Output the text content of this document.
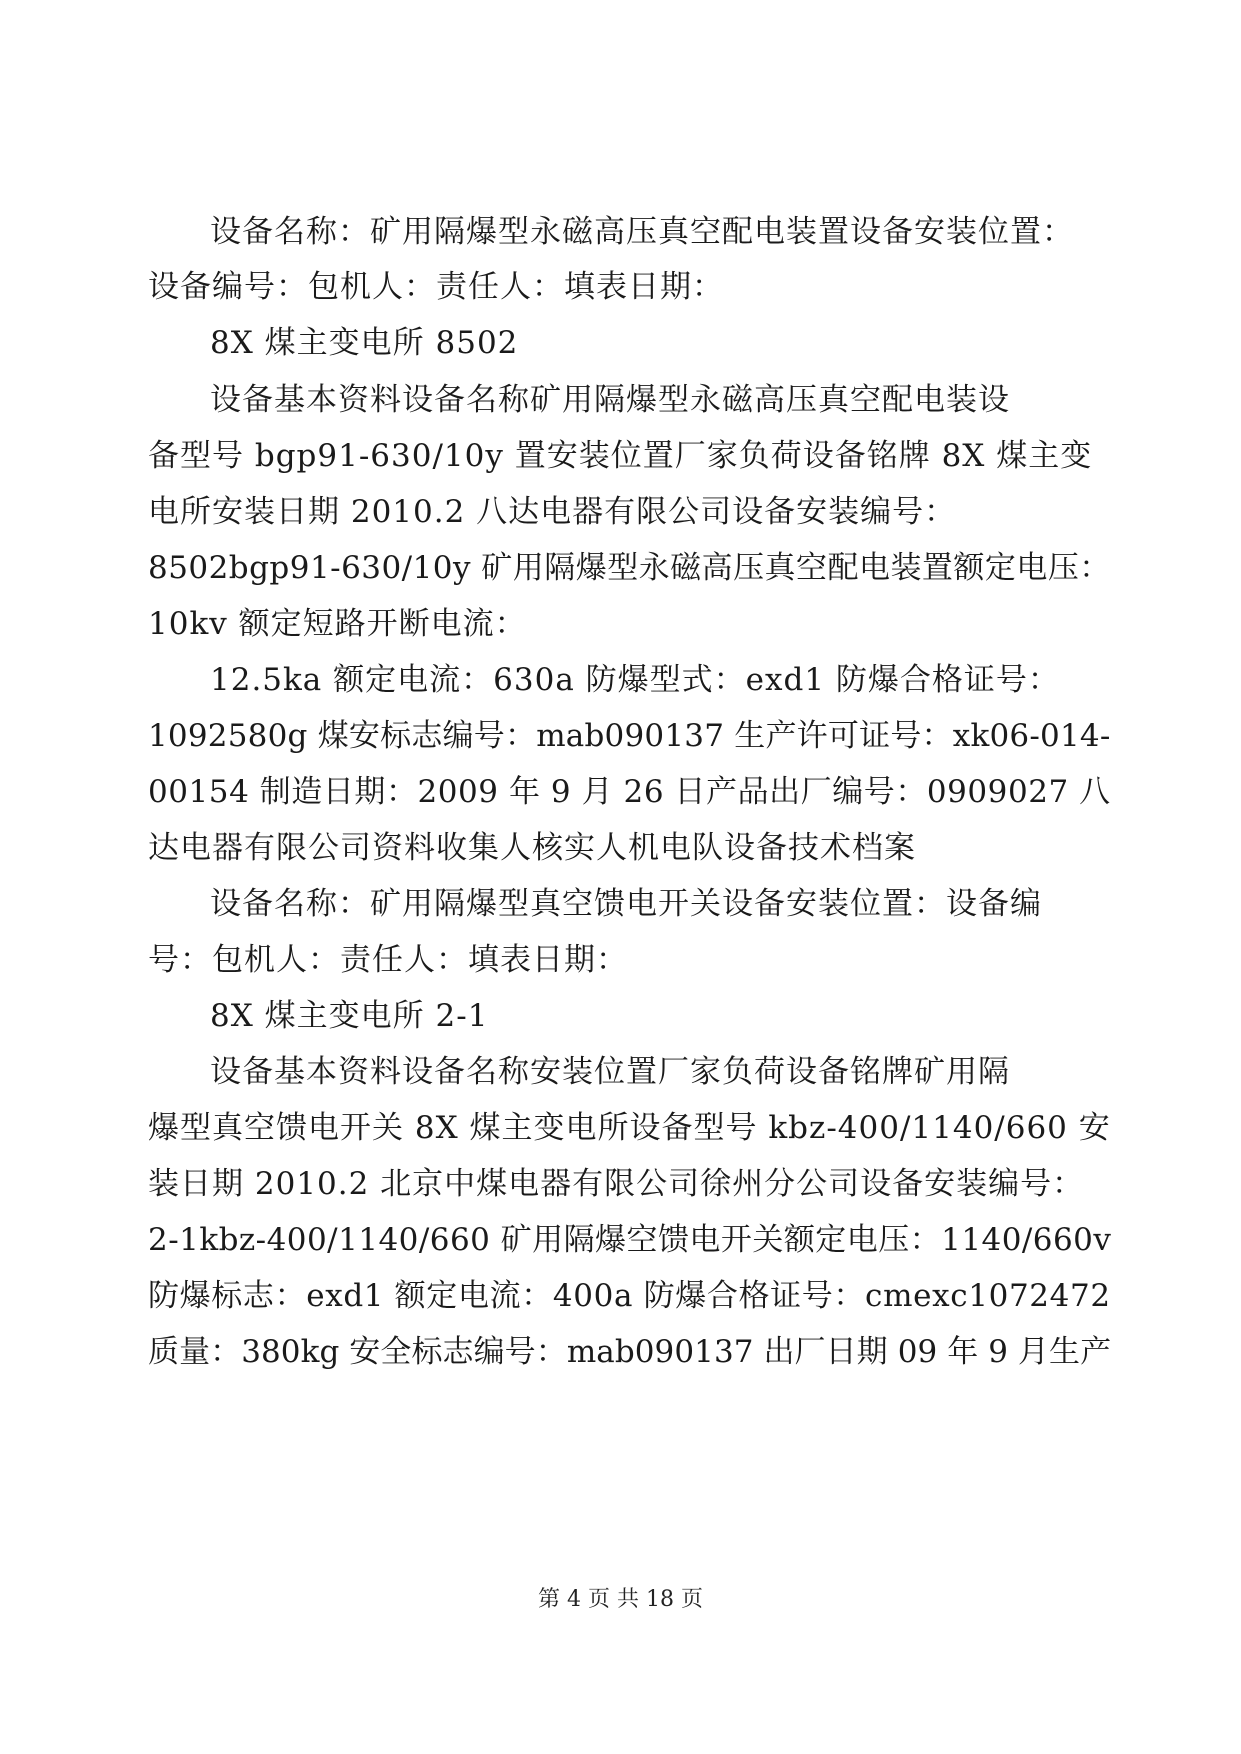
设备名称：矿用隔爆型永磁高压真空配电装置设备安装位置：
设备编号：包机人：责任人：填表日期：
8X 煤主变电所 8502
设备基本资料设备名称矿用隔爆型永磁高压真空配电装设
备型号 bgp91-630/10y 置安装位置厂家负荷设备铭牌 8X 煤主变
电所安装日期 2010.2 八达电器有限公司设备安装编号：
8502bgp91-630/10y 矿用隔爆型永磁高压真空配电装置额定电压：
10kv 额定短路开断电流：
12.5ka 额定电流：630a 防爆型式：exd1 防爆合格证号：
1092580g 煤安标志编号：mab090137 生产许可证号：xk06-014-
00154 制造日期：2009 年 9 月 26 日产品出厂编号：0909027 八
达电器有限公司资料收集人核实人机电队设备技术档案
设备名称：矿用隔爆型真空馈电开关设备安装位置：设备编
号：包机人：责任人：填表日期：
8X 煤主变电所 2-1
设备基本资料设备名称安装位置厂家负荷设备铭牌矿用隔
爆型真空馈电开关 8X 煤主变电所设备型号 kbz-400/1140/660 安
装日期 2010.2 北京中煤电器有限公司徐州分公司设备安装编号：
2-1kbz-400/1140/660 矿用隔爆空馈电开关额定电压：1140/660v
防爆标志：exd1 额定电流：400a 防爆合格证号：cmexc1072472
质量：380kg 安全标志编号：mab090137 出厂日期 09 年 9 月生产
第 4 页 共 18 页
